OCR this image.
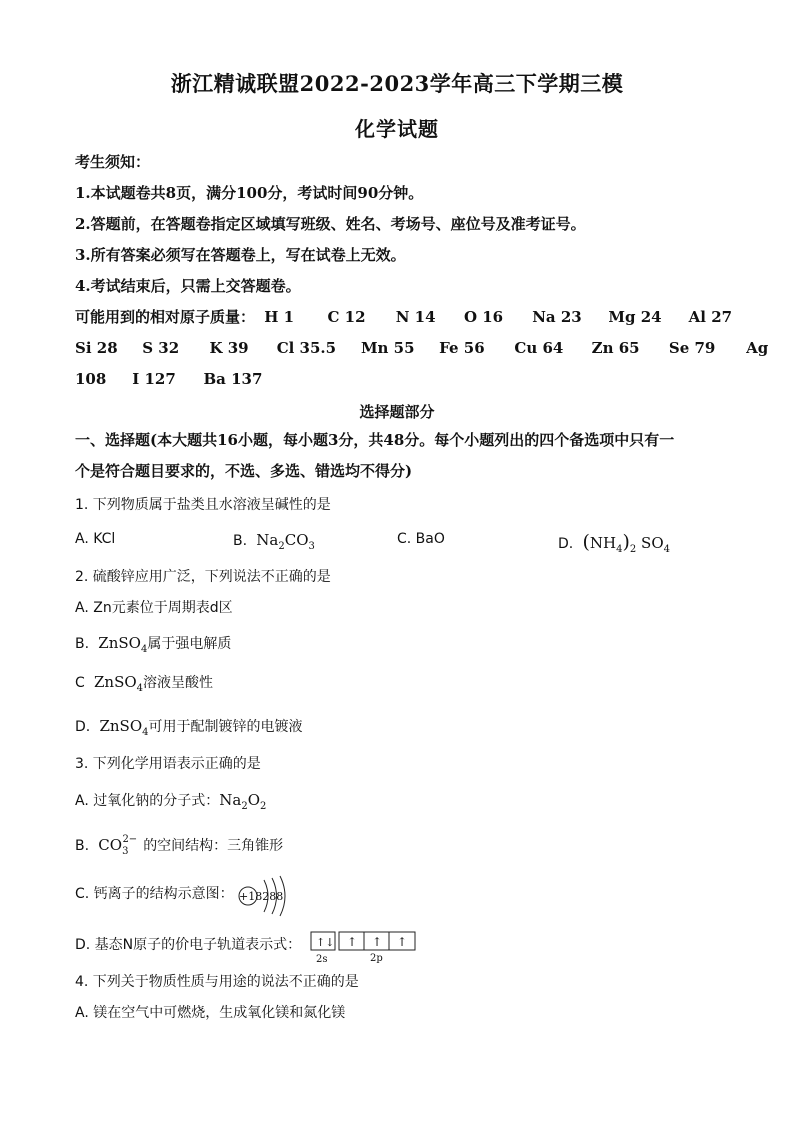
浙江精诚联盟2022-2023学年高三下学期三模
化学试题
考生须知：
1.本试题卷共8页，满分100分，考试时间90分钟。
2.答题前，在答题卷指定区域填写班级、姓名、考场号、座位号及准考证号。
3.所有答案必须写在答题卷上，写在试卷上无效。
4.考试结束后，只需上交答题卷。
可能用到的相对原子质量： H 1 C 12 N 14 O 16 Na 23 Mg 24 Al 27
Si 28 S 32 K 39 Cl 35.5 Mn 55 Fe 56 Cu 64 Zn 65 Se 79 Ag
108 I 127 Ba 137
选择题部分
一、选择题(本大题共16小题，每小题3分，共48分。每个小题列出的四个备选项中只有一
个是符合题目要求的，不选、多选、错选均不得分)
1. 下列物质属于盐类且水溶液呈碱性的是
A. KCl	B.  $Na_2CO_3$	C. BaO	D. $(NH_4)_2$ $SO_4$
2. 硫酸锌应用广泛，下列说法不正确的是
A. Zn元素位于周期表d区
B.  ZnSO$_4$属于强电解质
C  ZnSO$_4$溶液呈酸性
D.  ZnSO$_4$可用于配制镀锌的电镀液
3. 下列化学用语表示正确的是
A. 过氧化钠的分子式：$Na_2O_2$
B.  $CO_3^{2-}$ 的空间结构：三角锥形
C. 钙离子的结构示意图： +18288
D. 基态N原子的价电子轨道表示式：	↑↓ ↑ ↑ ↑
2s	2p
4. 下列关于物质性质与用途的说法不正确的是
A. 镁在空气中可燃烧，生成氧化镁和氮化镁
